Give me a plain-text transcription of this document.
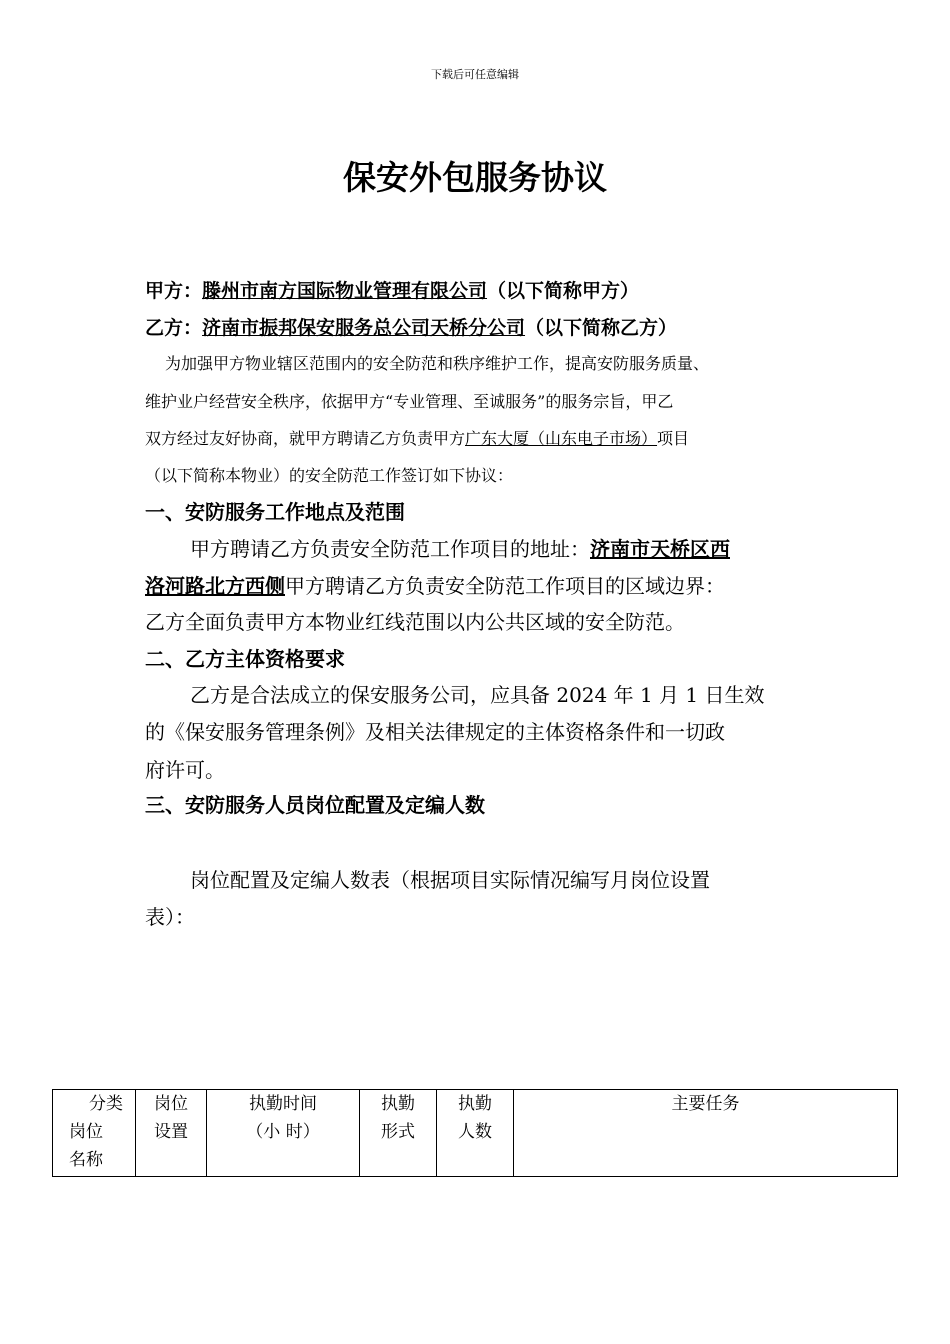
下载后可任意编辑
保安外包服务协议
甲方：滕州市南方国际物业管理有限公司（以下简称甲方）
乙方：济南市振邦保安服务总公司天桥分公司（以下简称乙方）
为加强甲方物业辖区范围内的安全防范和秩序维护工作，提高安防服务质量、
维护业户经营安全秩序，依据甲方“专业管理、至诚服务”的服务宗旨，甲乙
双方经过友好协商，就甲方聘请乙方负责甲方广东大厦（山东电子市场）项目
（以下简称本物业）的安全防范工作签订如下协议：
一、安防服务工作地点及范围
甲方聘请乙方负责安全防范工作项目的地址：济南市天桥区西
洛河路北方西侧甲方聘请乙方负责安全防范工作项目的区域边界：
乙方全面负责甲方本物业红线范围以内公共区域的安全防范。
二、乙方主体资格要求
乙方是合法成立的保安服务公司，应具备 2024 年 1 月 1 日生效
的《保安服务管理条例》及相关法律规定的主体资格条件和一切政
府许可。
三、安防服务人员岗位配置及定编人数
岗位配置及定编人数表（根据项目实际情况编写月岗位设置
表）：
分类
岗位
名称

岗位
设置

执勤时间
（小 时）

执勤
形式

执勤
人数

主要任务
